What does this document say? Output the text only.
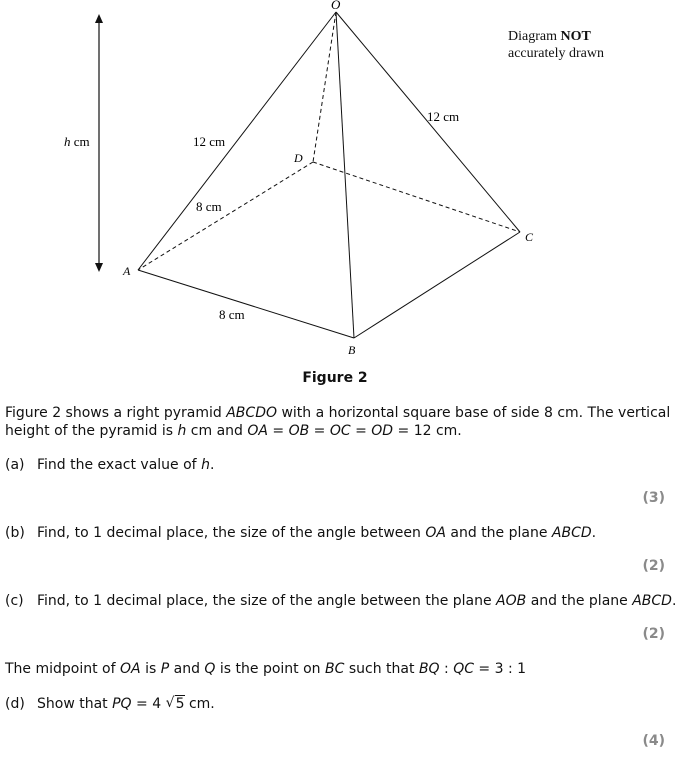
O
A
B
C
D
h cm	12 cm
12 cm
8 cm
8 cm
Diagram NOT
accurately drawn
Figure 2
Figure 2 shows a right pyramid ABCDO with a horizontal square base of side 8 cm. The vertical height of the pyramid is h cm and OA = OB = OC = OD = 12 cm.
(a) Find the exact value of h.
(3)
(b) Find, to 1 decimal place, the size of the angle between OA and the plane ABCD.
(2)
(c) Find, to 1 decimal place, the size of the angle between the plane AOB and the plane ABCD.
(2)
The midpoint of OA is P and Q is the point on BC such that BQ : QC = 3 : 1
(d) Show that PQ = 4 √ 5 cm.
(4)
